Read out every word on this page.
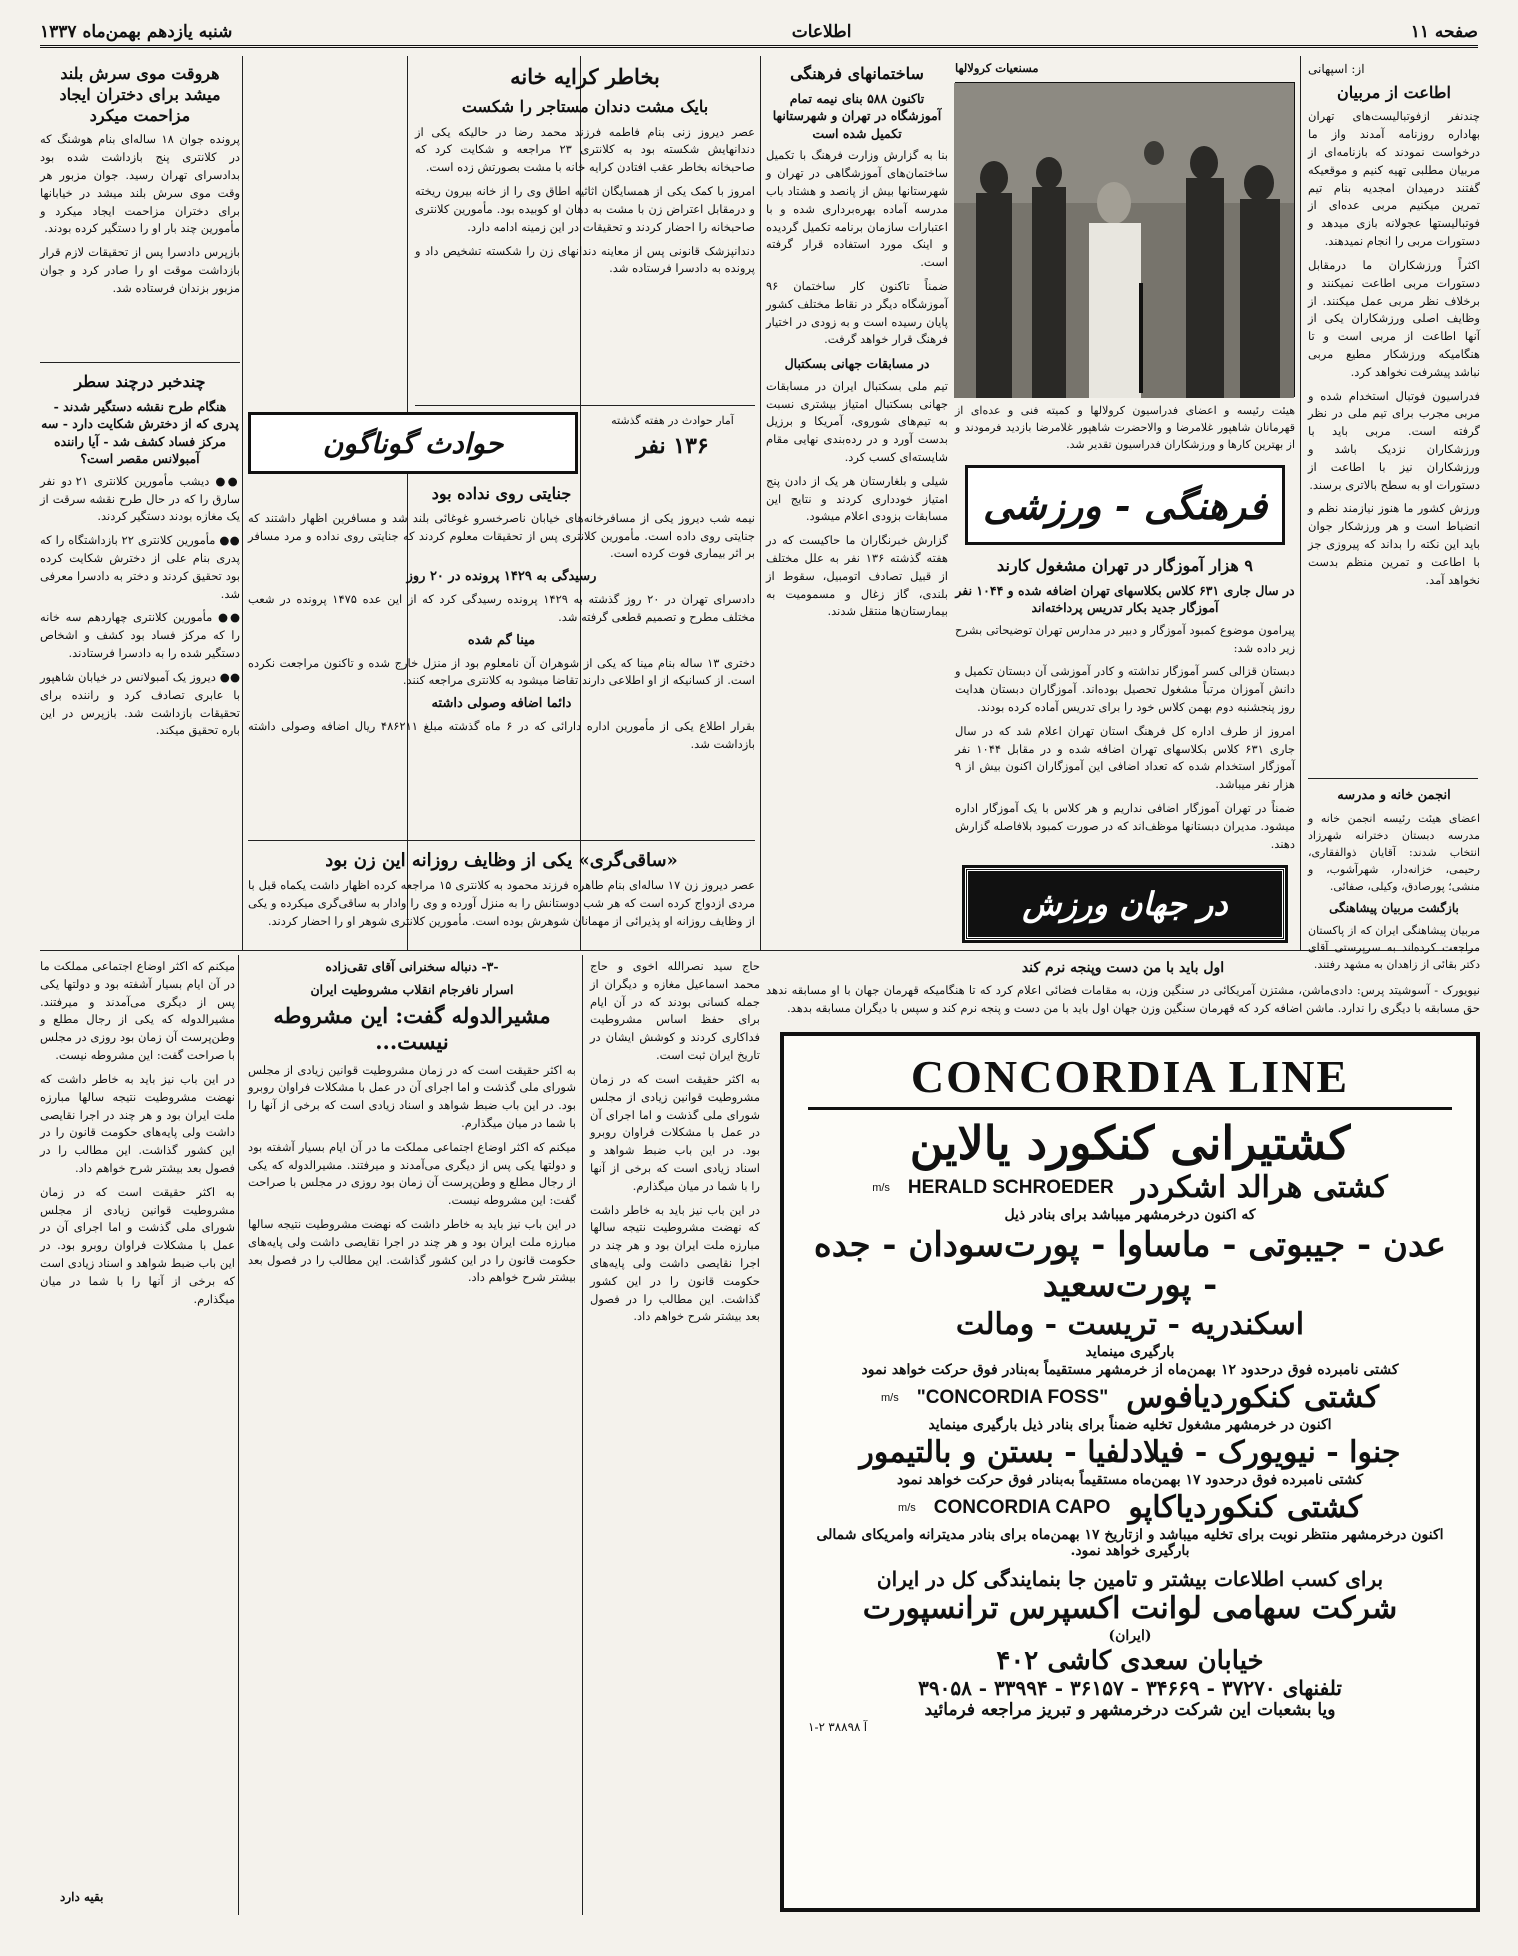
صفحه ۱۱
اطلاعات
شنبه یازدهم بهمن‌ماه ۱۳۳۷
از: اسپهانی
اطاعت از مربیان

چندنفر ازفوتبالیست‌های تهران بهاداره روزنامه آمدند واز ما درخواست نمودند که بازنامه‌ای از مربیان مطلبی تهیه کنیم و موقعیکه گفتند درمیدان امجدیه بنام تیم تمرین میکنیم مربی عده‌ای از فوتبالیستها عجولانه بازی میدهد و دستورات مربی را انجام نمیدهند.

اکثراً ورزشکاران ما درمقابل دستورات مربی اطاعت نمیکنند و برخلاف نظر مربی عمل میکنند. از وظایف اصلی ورزشکاران یکی از آنها اطاعت از مربی است و تا هنگامیکه ورزشکار مطیع مربی نباشد پیشرفت نخواهد کرد.

فدراسیون فوتبال استخدام شده و مربی مجرب برای تیم ملی در نظر گرفته است. مربی باید با ورزشکاران نزدیک باشد و ورزشکاران نیز با اطاعت از دستورات او به سطح بالاتری برسند.

ورزش کشور ما هنوز نیازمند نظم و انضباط است و هر ورزشکار جوان باید این نکته را بداند که پیروزی جز با اطاعت و تمرین منظم بدست نخواهد آمد.

انجمن خانه و مدرسه

اعضای هیئت رئیسه انجمن خانه و مدرسه دبستان دخترانه شهرزاد انتخاب شدند: آقایان ذوالفقاری، رحیمی، خزانه‌دار، شهرآشوب، و منشی؛ پورصادق، وکیلی، صفائی.

بازگشت مربیان پیشاهنگی

مربیان پیشاهنگی ایران که از پاکستان مراجعت کرده‌اند به سرپرستی آقای دکتر بقائی از زاهدان به مشهد رفتند.

مسنعیات کرولالها
هیئت رئیسه و اعضای فدراسیون کرولالها و کمیته فنی و عده‌ای از قهرمانان شاهپور غلامرضا و والاحضرت شاهپور غلامرضا بازدید فرمودند و از بهترین کارها و ورزشکاران فدراسیون تقدیر شد.
فرهنگی - ورزشی
۹ هزار آموزگار در تهران مشغول کارند
در سال جاری ۶۳۱ کلاس بکلاسهای تهران اضافه شده و ۱۰۴۴ نفر آموزگار جدید بکار تدریس پرداخته‌اند

پیرامون موضوع کمبود آموزگار و دبیر در مدارس تهران توضیحاتی بشرح زیر داده شد:

دبستان قزالی کسر آموزگار نداشته و کادر آموزشی آن دبستان تکمیل و دانش آموزان مرتباً مشغول تحصیل بوده‌اند. آموزگاران دبستان هدایت روز پنجشنبه دوم بهمن کلاس خود را برای تدریس آماده کرده بودند.

امروز از طرف اداره کل فرهنگ استان تهران اعلام شد که در سال جاری ۶۳۱ کلاس بکلاسهای تهران اضافه شده و در مقابل ۱۰۴۴ نفر آموزگار استخدام شده که تعداد اضافی این آموزگاران اکنون بیش از ۹ هزار نفر میباشد.

ضمناً در تهران آموزگار اضافی نداریم و هر کلاس با یک آموزگار اداره میشود. مدیران دبستانها موظف‌اند که در صورت کمبود بلافاصله گزارش دهند.

در جهان ورزش
ساختمانهای فرهنگی
تاکنون ۵۸۸ بنای نیمه تمام آموزشگاه در تهران و شهرستانها تکمیل شده است

بنا به گزارش وزارت فرهنگ با تکمیل ساختمان‌های آموزشگاهی در تهران و شهرستانها بیش از پانصد و هشتاد باب مدرسه آماده بهره‌برداری شده و با اعتبارات سازمان برنامه تکمیل گردیده و اینک مورد استفاده قرار گرفته است.

ضمناً تاکنون کار ساختمان ۹۶ آموزشگاه دیگر در نقاط مختلف کشور پایان رسیده است و به زودی در اختیار فرهنگ قرار خواهد گرفت.

در مسابقات جهانی بسکتبال

تیم ملی بسکتبال ایران در مسابقات جهانی بسکتبال امتیاز بیشتری نسبت به تیم‌های شوروی، آمریکا و برزیل بدست آورد و در رده‌بندی نهایی مقام شایسته‌ای کسب کرد.

شیلی و بلغارستان هر یک از دادن پنج امتیاز خودداری کردند و نتایج این مسابقات بزودی اعلام میشود.

گزارش خبرنگاران ما حاکیست که در هفته گذشته ۱۳۶ نفر به علل مختلف از قبیل تصادف اتومبیل، سقوط از بلندی، گاز زغال و مسمومیت به بیمارستان‌ها منتقل شدند.

بخاطر کرایه خانه
بایک مشت دندان مستاجر را شکست

عصر دیروز زنی بنام فاطمه فرزند محمد رضا در حالیکه یکی از دندانهایش شکسته بود به کلانتری ۲۳ مراجعه و شکایت کرد که صاحبخانه بخاطر عقب افتادن کرایه خانه با مشت بصورتش زده است.

امروز با کمک یکی از همسایگان اثاثیه اطاق وی را از خانه بیرون ریخته و درمقابل اعتراض زن با مشت به دهان او کوبیده بود. مأمورین کلانتری صاحبخانه را احضار کردند و تحقیقات در این زمینه ادامه دارد.

دندانپزشک قانونی پس از معاینه دندانهای زن را شکسته تشخیص داد و پرونده به دادسرا فرستاده شد.

حوادث گوناگون
آمار حوادث در هفته گذشته
۱۳۶ نفر
جنایتی روی نداده بود

نیمه شب دیروز یکی از مسافرخانه‌های خیابان ناصرخسرو غوغائی بلند شد و مسافرین اظهار داشتند که جنایتی روی داده است. مأمورین کلانتری پس از تحقیقات معلوم کردند که جنایتی روی نداده و مرد مسافر بر اثر بیماری فوت کرده است.

رسیدگی به ۱۴۲۹ پرونده در ۲۰ روز

دادسرای تهران در ۲۰ روز گذشته به ۱۴۲۹ پرونده رسیدگی کرد که از این عده ۱۴۷۵ پرونده در شعب مختلف مطرح و تصمیم قطعی گرفته شد.

مینا گم شده

دختری ۱۳ ساله بنام مینا که یکی از شوهران آن نامعلوم بود از منزل خارج شده و تاکنون مراجعت نکرده است. از کسانیکه از او اطلاعی دارند تقاضا میشود به کلانتری مراجعه کنند.

دائما اضافه وصولی داشته

بقرار اطلاع یکی از مأمورین اداره دارائی که در ۶ ماه گذشته مبلغ ۴۸۶۲۱۱ ریال اضافه وصولی داشته بازداشت شد.

«ساقی‌گری» یکی از وظایف روزانه این زن بود

عصر دیروز زن ۱۷ ساله‌ای بنام طاهره فرزند محمود به کلانتری ۱۵ مراجعه کرده اظهار داشت یکماه قبل با مردی ازدواج کرده است که هر شب دوستانش را به منزل آورده و وی را وادار به ساقی‌گری میکرده و یکی از وظایف روزانه او پذیرائی از مهمانان شوهرش بوده است. مأمورین کلانتری شوهر او را احضار کردند.

هروقت موی سرش بلند میشد برای دختران ایجاد مزاحمت میکرد

پرونده جوان ۱۸ ساله‌ای بنام هوشنگ که در کلانتری پنج بازداشت شده بود بدادسرای تهران رسید. جوان مزبور هر وقت موی سرش بلند میشد در خیابانها برای دختران مزاحمت ایجاد میکرد و مأمورین چند بار او را دستگیر کرده بودند.

بازپرس دادسرا پس از تحقیقات لازم قرار بازداشت موقت او را صادر کرد و جوان مزبور بزندان فرستاده شد.

چندخبر درچند سطر
هنگام طرح نقشه دستگیر شدند - پدری که از دخترش شکایت دارد - سه مرکز فساد کشف شد - آیا راننده آمبولانس مقصر است؟

●● دیشب مأمورین کلانتری ۲۱ دو نفر سارق را که در حال طرح نقشه سرقت از یک مغازه بودند دستگیر کردند.

●● مأمورین کلانتری ۲۲ بازداشتگاه را که پدری بنام علی از دخترش شکایت کرده بود تحقیق کردند و دختر به دادسرا معرفی شد.

●● مأمورین کلانتری چهاردهم سه خانه را که مرکز فساد بود کشف و اشخاص دستگیر شده را به دادسرا فرستادند.

●● دیروز یک آمبولانس در خیابان شاهپور با عابری تصادف کرد و راننده برای تحقیقات بازداشت شد. بازپرس در این باره تحقیق میکند.

اول باید با من دست وپنجه نرم کند

نیویورک - آسوشیتد پرس: دادی‌ماشن، مشتزن آمریکائی در سنگین وزن، به مقامات فضائی اعلام کرد که تا هنگامیکه قهرمان جهان با او مسابقه ندهد حق مسابقه با دیگری را ندارد. ماشن اضافه کرد که قهرمان سنگین وزن جهان اول باید با من دست و پنجه نرم کند و سپس با دیگران مسابقه بدهد.

-۳- دنباله سخنرانی آقای تقی‌زاده
اسرار نافرجام انقلاب مشروطیت ایران
مشیرالدوله گفت: این مشروطه نیست...

به اکثر حقیقت است که در زمان مشروطیت قوانین زیادی از مجلس شورای ملی گذشت و اما اجرای آن در عمل با مشکلات فراوان روبرو بود. در این باب ضبط شواهد و اسناد زیادی است که برخی از آنها را با شما در میان میگذارم.

میکنم که اکثر اوضاع اجتماعی مملکت ما در آن ایام بسیار آشفته بود و دولتها یکی پس از دیگری می‌آمدند و میرفتند. مشیرالدوله که یکی از رجال مطلع و وطن‌پرست آن زمان بود روزی در مجلس با صراحت گفت: این مشروطه نیست.

در این باب نیز باید به خاطر داشت که نهضت مشروطیت نتیجه سالها مبارزه ملت ایران بود و هر چند در اجرا نقایصی داشت ولی پایه‌های حکومت قانون را در این کشور گذاشت. این مطالب را در فصول بعد بیشتر شرح خواهم داد.

میکنم که اکثر اوضاع اجتماعی مملکت ما در آن ایام بسیار آشفته بود و دولتها یکی پس از دیگری می‌آمدند و میرفتند. مشیرالدوله که یکی از رجال مطلع و وطن‌پرست آن زمان بود روزی در مجلس با صراحت گفت: این مشروطه نیست.

در این باب نیز باید به خاطر داشت که نهضت مشروطیت نتیجه سالها مبارزه ملت ایران بود و هر چند در اجرا نقایصی داشت ولی پایه‌های حکومت قانون را در این کشور گذاشت. این مطالب را در فصول بعد بیشتر شرح خواهم داد.

به اکثر حقیقت است که در زمان مشروطیت قوانین زیادی از مجلس شورای ملی گذشت و اما اجرای آن در عمل با مشکلات فراوان روبرو بود. در این باب ضبط شواهد و اسناد زیادی است که برخی از آنها را با شما در میان میگذارم.

بقیه دارد

حاج سید نصرالله اخوی و حاج محمد اسماعیل مغازه و دیگران از جمله کسانی بودند که در آن ایام برای حفظ اساس مشروطیت فداکاری کردند و کوشش ایشان در تاریخ ایران ثبت است.

به اکثر حقیقت است که در زمان مشروطیت قوانین زیادی از مجلس شورای ملی گذشت و اما اجرای آن در عمل با مشکلات فراوان روبرو بود. در این باب ضبط شواهد و اسناد زیادی است که برخی از آنها را با شما در میان میگذارم.

در این باب نیز باید به خاطر داشت که نهضت مشروطیت نتیجه سالها مبارزه ملت ایران بود و هر چند در اجرا نقایصی داشت ولی پایه‌های حکومت قانون را در این کشور گذاشت. این مطالب را در فصول بعد بیشتر شرح خواهم داد.

CONCORDIA LINE
کشتیرانی کنکورد یالاین
کشتی هرالد اشکردر
HERALD SCHROEDER
m/s
که اکنون درخرمشهر میباشد برای بنادر ذیل
عدن - جیبوتی - ماساوا - پورت‌سودان - جده - پورت‌سعید
اسکندریه - تریست - ومالت
بارگیری مینماید
کشتی نامبرده فوق درحدود ۱۲ بهمن‌ماه از خرمشهر مستقیماً به‌بنادر فوق حرکت خواهد نمود
کشتی کنکوردیافوس
"CONCORDIA FOSS"
m/s
اکنون در خرمشهر مشغول تخلیه ضمناً برای بنادر ذیل بارگیری مینماید
جنوا - نیویورک - فیلادلفیا - بستن و بالتیمور
کشتی نامبرده فوق درحدود ۱۷ بهمن‌ماه مستقیماً به‌بنادر فوق حرکت خواهد نمود
کشتی کنکوردیاکاپو
CONCORDIA CAPO
m/s
اکنون درخرمشهر منتظر نوبت برای تخلیه میباشد و ازتاریخ ۱۷ بهمن‌ماه برای بنادر مدیترانه وامریکای شمالی بارگیری خواهد نمود.
برای کسب اطلاعات بیشتر و تامین جا بنمایندگی کل در ایران
شرکت سهامی لوانت اکسپرس ترانسپورت
(ایران)
خیابان سعدی کاشی ۴۰۲
تلفنهای ۳۷۲۷۰ - ۳۴۶۶۹ - ۳۶۱۵۷ - ۳۳۹۹۴ - ۳۹۰۵۸
ویا بشعبات این شرکت درخرمشهر و تبریز مراجعه فرمائید
۱-۲ آ ۳۸۸۹۸
